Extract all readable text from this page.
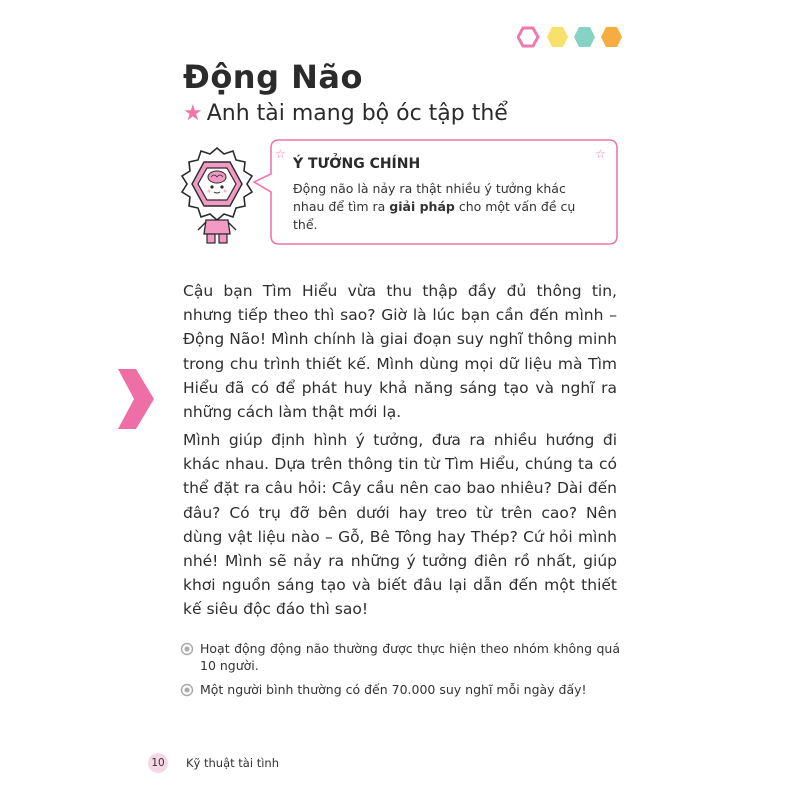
Động Não
★ Anh tài mang bộ óc tập thể
☆	☆
Ý TƯỞNG CHÍNH
Động não là nảy ra thật nhiều ý tưởng khác nhau để tìm ra giải pháp cho một vấn đề cụ thể.
Cậu bạn Tìm Hiểu vừa thu thập đầy đủ thông tin, nhưng tiếp theo thì sao? Giờ là lúc bạn cần đến mình – Động Não! Mình chính là giai đoạn suy nghĩ thông minh trong chu trình thiết kế. Mình dùng mọi dữ liệu mà Tìm Hiểu đã có để phát huy khả năng sáng tạo và nghĩ ra những cách làm thật mới lạ.
Mình giúp định hình ý tưởng, đưa ra nhiều hướng đi khác nhau. Dựa trên thông tin từ Tìm Hiểu, chúng ta có thể đặt ra câu hỏi: Cây cầu nên cao bao nhiêu? Dài đến đâu? Có trụ đỡ bên dưới hay treo từ trên cao? Nên dùng vật liệu nào – Gỗ, Bê Tông hay Thép? Cứ hỏi mình nhé! Mình sẽ nảy ra những ý tưởng điên rồ nhất, giúp khơi nguồn sáng tạo và biết đâu lại dẫn đến một thiết kế siêu độc đáo thì sao!
Hoạt động động não thường được thực hiện theo nhóm không quá 10 người.
Một người bình thường có đến 70.000 suy nghĩ mỗi ngày đấy!
10 Kỹ thuật tài tình
